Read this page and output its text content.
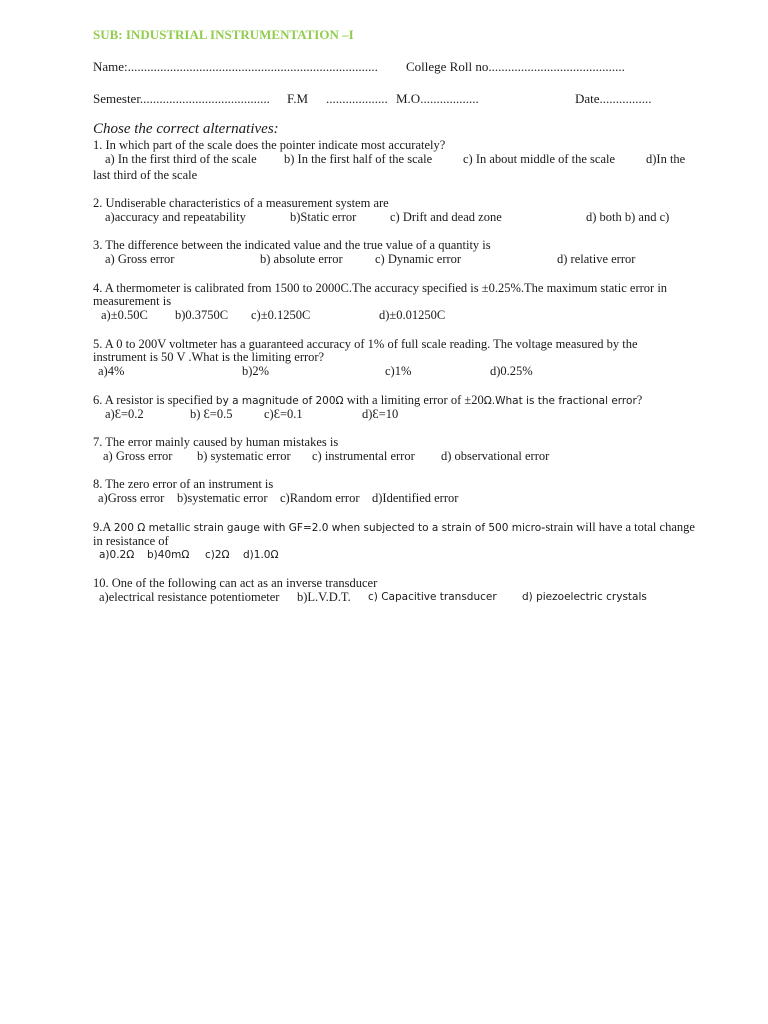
SUB: INDUSTRIAL INSTRUMENTATION –I
Name:............................................................................. College Roll no..........................................
Semester........................................ F.M ................... M.O..................	Date................
Chose the correct alternatives:
1. In which part of the scale does the pointer indicate most accurately?
a) In the first third of the scale b) In the first half of the scale c) In about middle of the scale d)In the
last third of the scale
2. Undiserable characteristics of a measurement system are
a)accuracy and repeatability	b)Static error	c) Drift and dead zone	d) both b) and c)
3. The difference between the indicated value and the true value of a quantity is
a) Gross error	b) absolute error	c) Dynamic error	d) relative error
4. A thermometer is calibrated from 1500 to 2000C.The accuracy specified is ±0.25%.The maximum static error in
measurement is
a)±0.50C b)0.3750C c)±0.1250C	d)±0.01250C
5. A 0 to 200V voltmeter has a guaranteed accuracy of 1% of full scale reading. The voltage measured by the
instrument is 50 V .What is the limiting error?
a)4%	b)2%	c)1%	d)0.25%
6. A resistor is specified by a magnitude of 200Ω with a limiting error of ±20Ω.What is the fractional error?
a)Ɛ=0.2	b) Ɛ=0.5	c)Ɛ=0.1	d)Ɛ=10
7. The error mainly caused by human mistakes is
a) Gross error b) systematic error c) instrumental error d) observational error
8. The zero error of an instrument is
a)Gross error b)systematic error c)Random error d)Identified error
9.A 200 Ω metallic strain gauge with GF=2.0 when subjected to a strain of 500 micro-strain will have a total change
in resistance of
a)0.2Ω b)40mΩ c)2Ω d)1.0Ω
10. One of the following can act as an inverse transducer
a)electrical resistance potentiometer b)L.V.D.T. c) Capacitive transducer d) piezoelectric crystals
